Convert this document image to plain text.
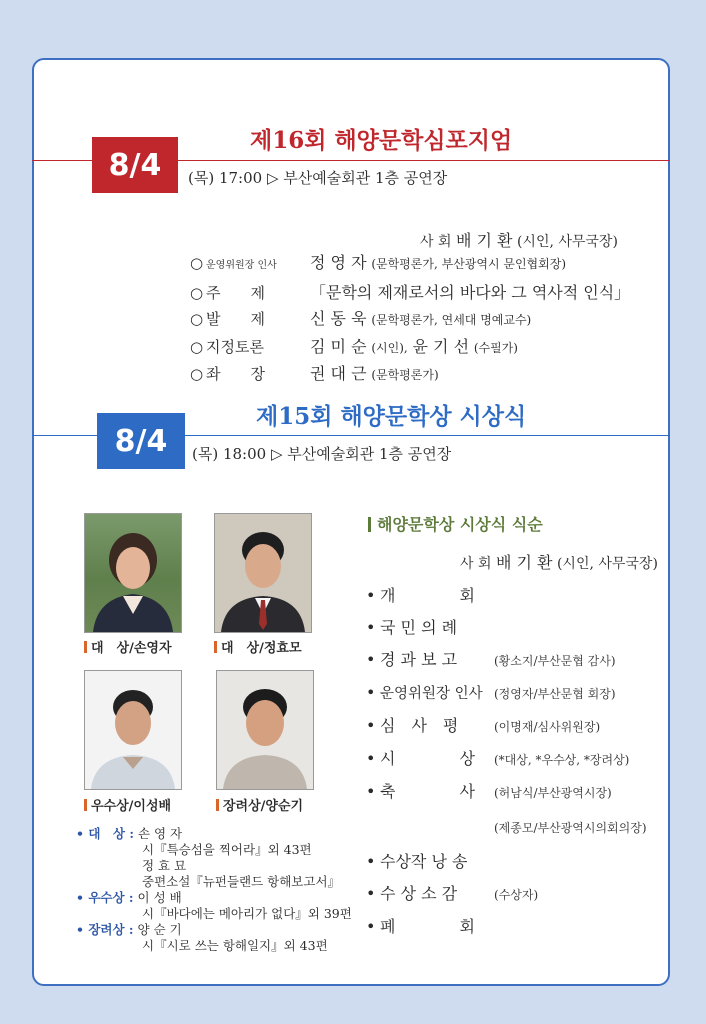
제16회 해양문학심포지엄
8/4	(목) 17:00 ▷ 부산예술회관 1층 공연장
사 회 배 기 환 (시인, 사무국장)
○ 운영위원장 인사 정 영 자 (문학평론가, 부산광역시 문인협회장)
○ 주　　제	「문학의 제재로서의 바다와 그 역사적 인식」
○ 발　　제	신 동 욱 (문학평론가, 연세대 명예교수)
○ 지정토론	김 미 순 (시인), 윤 기 선 (수필가)
○ 좌　　장	권 대 근 (문학평론가)
제15회 해양문학상 시상식
8/4	(목) 18:00 ▷ 부산예술회관 1층 공연장
대　상/손영자	대　상/정효모
우수상/이성배	장려상/양순기
• 대　상 : 손 영 자
시『특승섬을 찍어라』외 43편
정 효 묘
중편소설『뉴펀들랜드 항해보고서』
• 우수상 : 이 성 배
시『바다에는 메아리가 없다』외 39편
• 장려상 : 양 순 기
시『시로 쓰는 항해일지』외 43편
해양문학상 시상식 식순
사 회 배 기 환 (시인, 사무국장)
• 개　　　　회
• 국 민 의 례
• 경 과 보 고	(황소지/부산문협 감사)
• 운영위원장 인사 (정영자/부산문협 회장)
• 심　사　평	(이명재/심사위원장)
• 시　　　　상 (*대상, *우수상, *장려상)
• 축　　　　사 (허남식/부산광역시장)
(제종모/부산광역시의회의장)
• 수상작 낭 송
• 수 상 소 감	(수상자)
• 폐　　　　회
